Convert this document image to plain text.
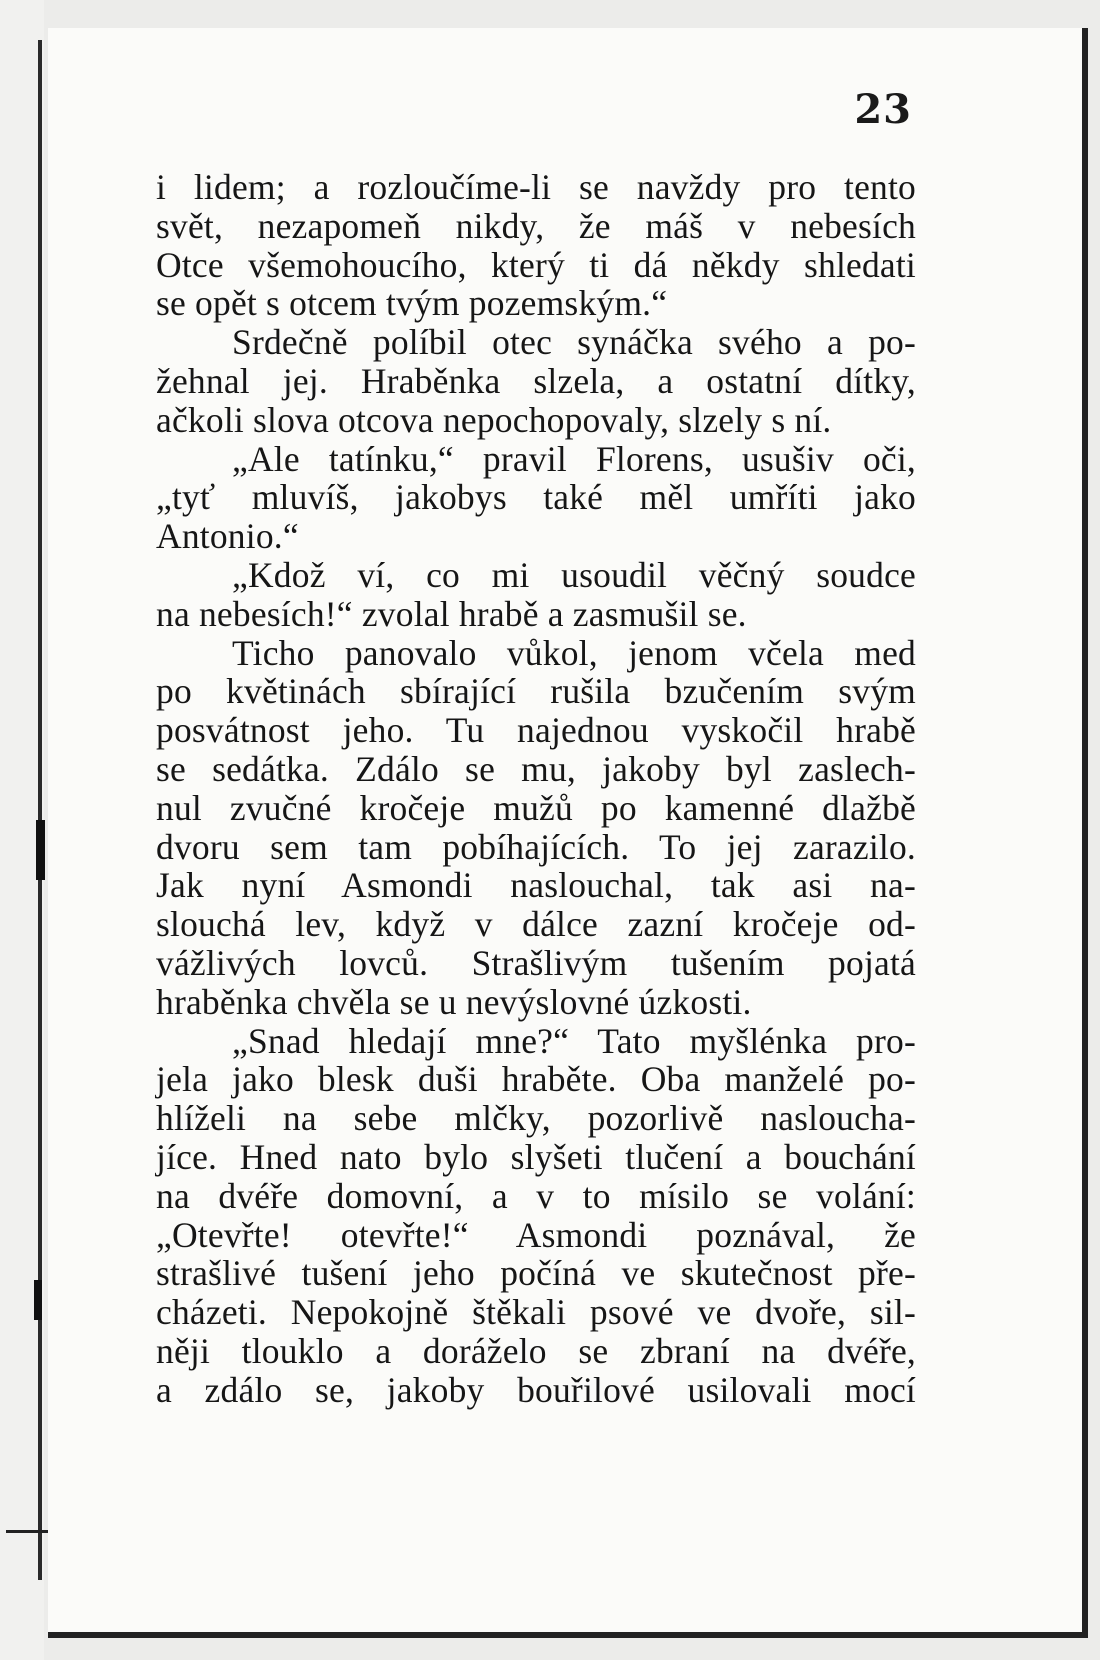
23
i lidem; a rozloučíme-li se navždy pro tento
svět, nezapomeň nikdy, že máš v nebesích
Otce všemohoucího, který ti dá někdy shledati
se opět s otcem tvým pozemským.“
Srdečně políbil otec synáčka svého a po-
žehnal jej. Hraběnka slzela, a ostatní dítky,
ačkoli slova otcova nepochopovaly, slzely s ní.
„Ale tatínku,“ pravil Florens, usušiv oči,
„tyť mluvíš, jakobys také měl umříti jako
Antonio.“
„Kdož ví, co mi usoudil věčný soudce
na nebesích!“ zvolal hrabě a zasmušil se.
Ticho panovalo vůkol, jenom včela med
po květinách sbírající rušila bzučením svým
posvátnost jeho. Tu najednou vyskočil hrabě
se sedátka. Zdálo se mu, jakoby byl zaslech-
nul zvučné kročeje mužů po kamenné dlažbě
dvoru sem tam pobíhajících. To jej zarazilo.
Jak nyní Asmondi naslouchal, tak asi na-
slouchá lev, když v dálce zazní kročeje od-
vážlivých lovců. Strašlivým tušením pojatá
hraběnka chvěla se u nevýslovné úzkosti.
„Snad hledají mne?“ Tato myšlénka pro-
jela jako blesk duši hraběte. Oba manželé po-
hlíželi na sebe mlčky, pozorlivě nasloucha-
jíce. Hned nato bylo slyšeti tlučení a bouchání
na dvéře domovní, a v to mísilo se volání:
„Otevřte! otevřte!“ Asmondi poznával, že
strašlivé tušení jeho počíná ve skutečnost pře-
cházeti. Nepokojně štěkali psové ve dvoře, sil-
něji tlouklo a doráželo se zbraní na dvéře,
a zdálo se, jakoby bouřilové usilovali mocí
